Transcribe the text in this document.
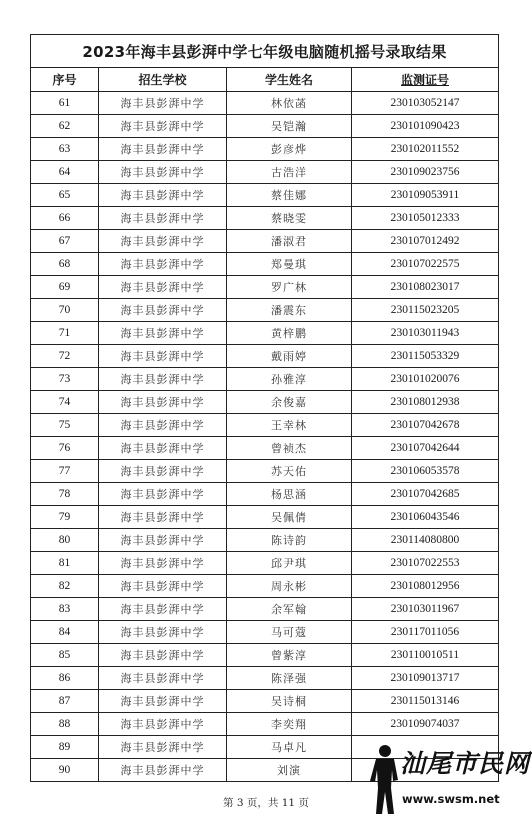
2023年海丰县彭湃中学七年级电脑随机摇号录取结果			
序号	招生学校	学生姓名	监测证号
61	海丰县彭湃中学	林依菡	230103052147
62	海丰县彭湃中学	吴铠瀚	230101090423
63	海丰县彭湃中学	彭彦烨	230102011552
64	海丰县彭湃中学	古浩洋	230109023756
65	海丰县彭湃中学	蔡佳娜	230109053911
66	海丰县彭湃中学	蔡晓雯	230105012333
67	海丰县彭湃中学	潘淑君	230107012492
68	海丰县彭湃中学	郑曼琪	230107022575
69	海丰县彭湃中学	罗广林	230108023017
70	海丰县彭湃中学	潘震东	230115023205
71	海丰县彭湃中学	黄梓鹏	230103011943
72	海丰县彭湃中学	戴雨婷	230115053329
73	海丰县彭湃中学	孙雅淳	230101020076
74	海丰县彭湃中学	余俊嘉	230108012938
75	海丰县彭湃中学	王幸林	230107042678
76	海丰县彭湃中学	曾祯杰	230107042644
77	海丰县彭湃中学	苏天佑	230106053578
78	海丰县彭湃中学	杨思涵	230107042685
79	海丰县彭湃中学	吴佩倩	230106043546
80	海丰县彭湃中学	陈诗韵	230114080800
81	海丰县彭湃中学	邱尹琪	230107022553
82	海丰县彭湃中学	周永彬	230108012956
83	海丰县彭湃中学	余军翰	230103011967
84	海丰县彭湃中学	马可蔻	230117011056
85	海丰县彭湃中学	曾紫淳	230110010511
86	海丰县彭湃中学	陈泽强	230109013717
87	海丰县彭湃中学	吴诗桐	230115013146
88	海丰县彭湃中学	李奕翔	230109074037
89	海丰县彭湃中学	马卓凡	
90	海丰县彭湃中学	刘演	
第 3 页，共 11 页
汕尾市民网
www.swsm.net
